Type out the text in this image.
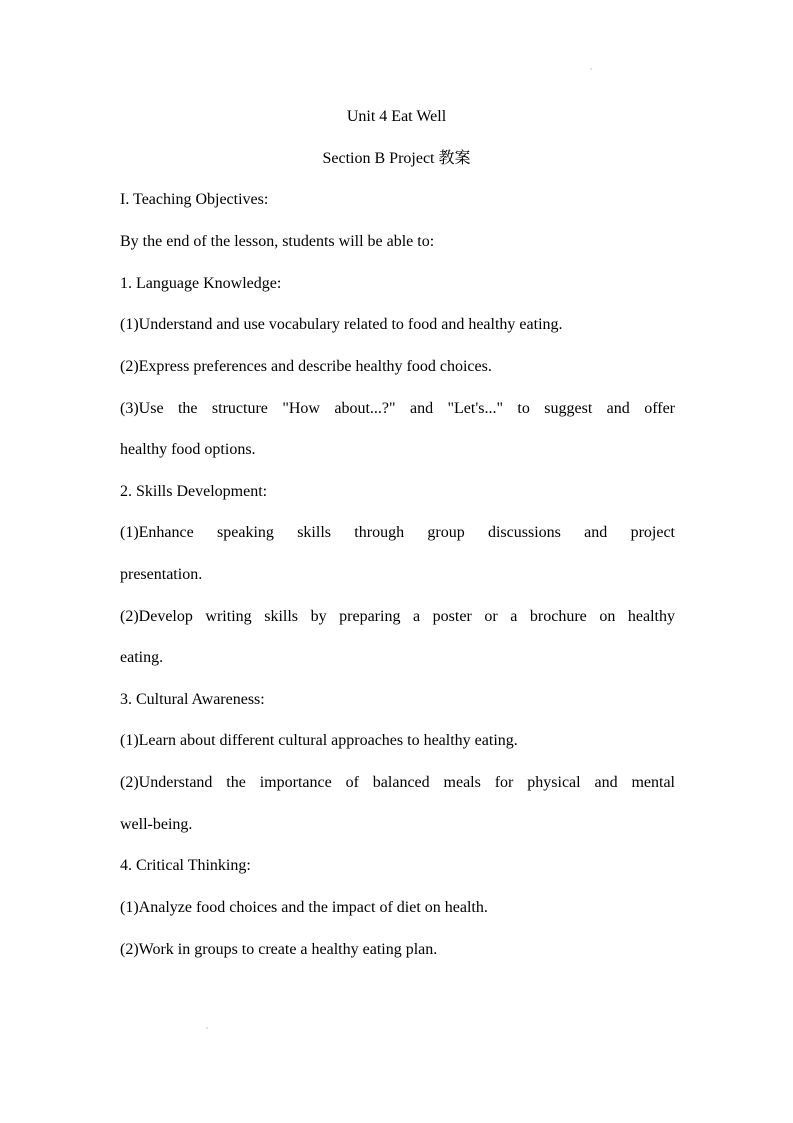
Unit 4 Eat Well
Section B Project 教案
I. Teaching Objectives:
By the end of the lesson, students will be able to:
1. Language Knowledge:
(1)Understand and use vocabulary related to food and healthy eating.
(2)Express preferences and describe healthy food choices.
(3)Use the structure "How about...?" and "Let's..." to suggest and offer
healthy food options.
2. Skills Development:
(1)Enhance speaking skills through group discussions and project
presentation.
(2)Develop writing skills by preparing a poster or a brochure on healthy
eating.
3. Cultural Awareness:
(1)Learn about different cultural approaches to healthy eating.
(2)Understand the importance of balanced meals for physical and mental
well-being.
4. Critical Thinking:
(1)Analyze food choices and the impact of diet on health.
(2)Work in groups to create a healthy eating plan.
